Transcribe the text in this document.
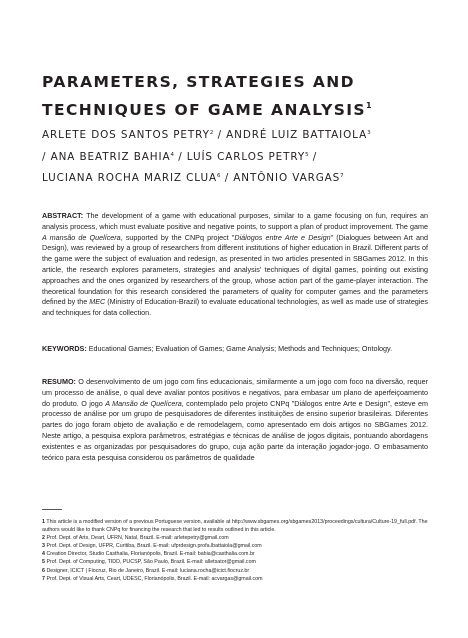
PARAMETERS, STRATEGIES AND
TECHNIQUES OF GAME ANALYSIS$^1$

ARLETE DOS SANTOS PETRY$^2$ / ANDRÉ LUIZ BATTAIOLA$^3$
/ ANA BEATRIZ BAHIA$^4$ / LUÍS CARLOS PETRY$^5$ /
LUCIANA ROCHA MARIZ CLUA$^6$ / ANTÔNIO VARGAS$^7$

ABSTRACT: The development of a game with educational purposes, similar to a game focusing on fun, requires an analysis process, which must evaluate positive and negative points, to support a plan of product improvement. The game A mansão de Quelícera, supported by the CNPq project "Diálogos entre Arte e Design" (Dialogues between Art and Design), was reviewed by a group of researchers from different institutions of higher education in Brazil. Different parts of the game were the subject of evaluation and redesign, as presented in two articles presented in SBGames 2012. In this article, the research explores parameters, strategies and analysis' techniques of digital games, pointing out existing approaches and the ones organized by researchers of the group, whose action part of the game-player interaction. The theoretical foundation for this research considered the parameters of quality for computer games and the parameters defined by the MEC (Ministry of Education-Brazil) to evaluate educational technologies, as well as made use of strategies and techniques for data collection.

KEYWORDS: Educational Games; Evaluation of Games; Game Analysis; Methods and Techniques; Ontology.

RESUMO: O desenvolvimento de um jogo com fins educacionais, similarmente a um jogo com foco na diversão, requer um processo de análise, o qual deve avaliar pontos positivos e negativos, para embasar um plano de aperfeiçoamento do produto. O jogo A Mansão de Quelícera, contemplado pelo projeto CNPq "Diálogos entre Arte e Design", esteve em processo de análise por um grupo de pesquisadores de diferentes instituições de ensino superior brasileiras. Diferentes partes do jogo foram objeto de avaliação e de remodelagem, como apresentado em dois artigos no SBGames 2012. Neste artigo, a pesquisa explora parâmetros, estratégias e técnicas de análise de jogos digitais, pontuando abordagens existentes e as organizadas por pesquisadores do grupo, cuja ação parte da interação jogador-jogo. O embasamento teórico para esta pesquisa considerou os parâmetros de qualidade

1 This article is a modified version of a previous Portuguese version, available at http://www.sbgames.org/sbgames2013/proceedings/cultura/Culture-19_full.pdf. The authors would like to thank CNPq for financing the research that led to results outlined in this article.
2 Prof. Dept. of Arts, Deart, UFRN, Natal, Brazil. E-mail: arletepetry@gmail.com
3 Prof. Dept. of Design, UFPR, Curitiba, Brazil. E-mail: ufprdesign.profa.lbattaiola@gmail.com
4 Creation Director, Studio Casthalia, Florianópolis, Brazil. E-mail: bahia@casthalia.com.br
5 Prof. Dept. of Computing, TIDD, PUCSP, São Paulo, Brazil. E-mail: alletsator@gmail.com
6 Designer, ICICT | Fiocruz, Rio de Janeiro, Brazil. E-mail: luciana.rocha@icict.fiocruz.br
7 Prof. Dept. of Visual Arts, Ceart, UDESC, Florianópolis, Brazil. E-mail: acvargas@gmail.com
